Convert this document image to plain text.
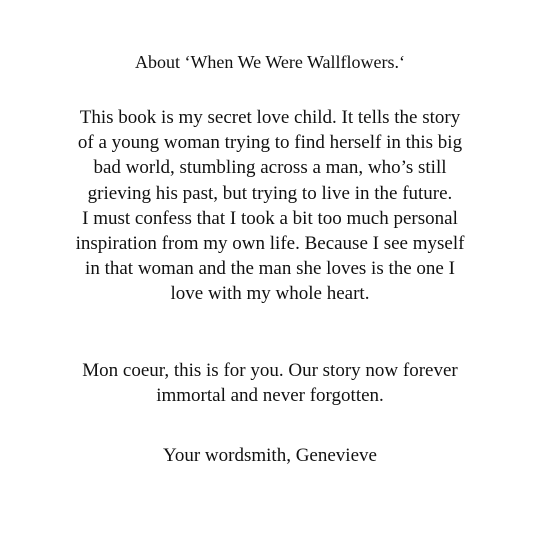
About ‘When We Were Wallflowers.‘
This book is my secret love child. It tells the story
of a young woman trying to find herself in this big
bad world, stumbling across a man, who’s still
grieving his past, but trying to live in the future.
I must confess that I took a bit too much personal
inspiration from my own life. Because I see myself
in that woman and the man she loves is the one I
love with my whole heart.
Mon coeur, this is for you. Our story now forever
immortal and never forgotten.
Your wordsmith, Genevieve
